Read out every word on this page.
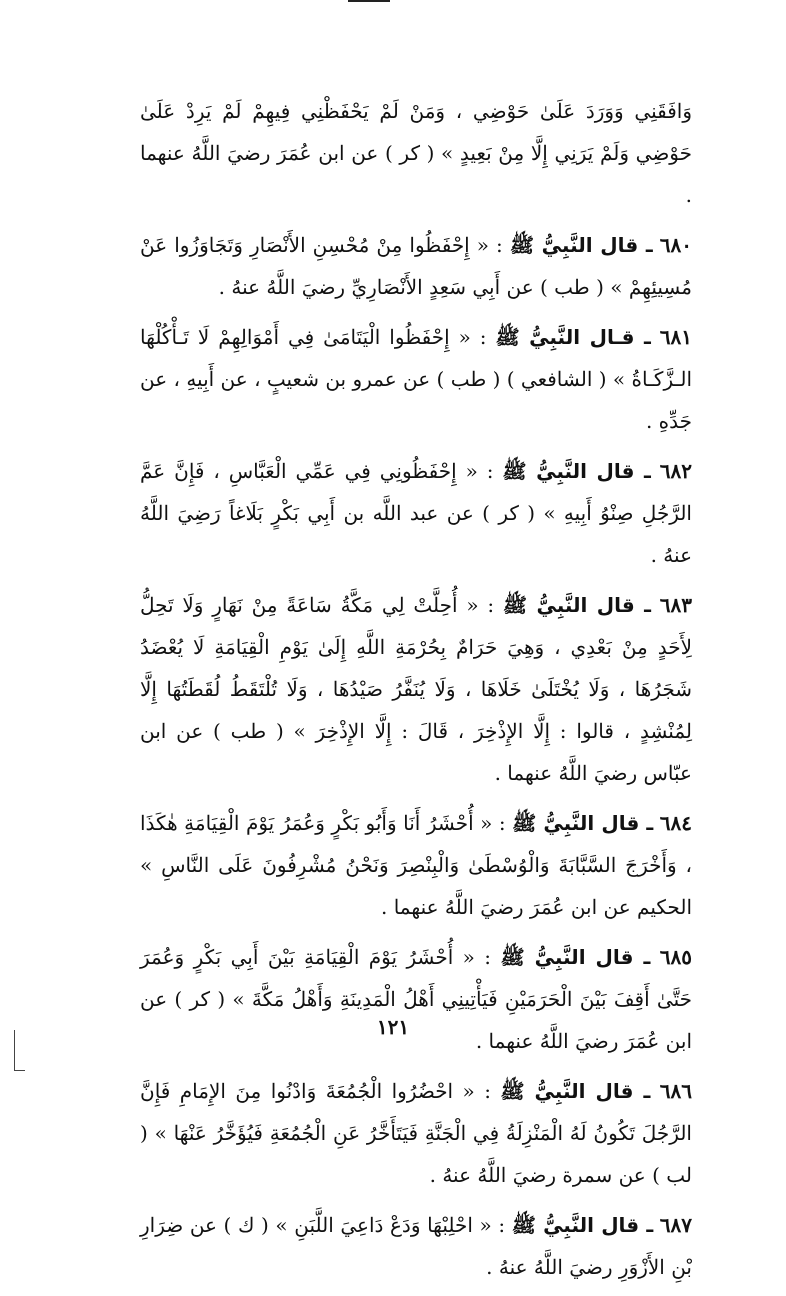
وَافَقَنِي وَوَرَدَ عَلَىٰ حَوْضِي ، وَمَنْ لَمْ يَحْفَظْنِي فِيهِمْ لَمْ يَرِدْ عَلَىٰ حَوْضِي وَلَمْ يَرَنِي إِلَّا مِنْ بَعِيدٍ » ( كر ) عن ابن عُمَرَ رضيَ اللَّهُ عنهما .

٦٨٠ ـ قال النَّبِيُّ ﷺ : « إِحْفَظُوا مِنْ مُحْسِنِ الأَنْصَارِ وَتَجَاوَزُوا عَنْ مُسِيئِهِمْ » ( طب ) عن أَبِي سَعِدٍ الأَنْصَارِيِّ رضيَ اللَّهُ عنهُ .

٦٨١ ـ قـال النَّبِيُّ ﷺ : « إِحْفَظُوا الْيَتَامَىٰ فِي أَمْوَالِهِمْ لَا تَـأْكُلْهَا الـزَّكَـاةُ » ( الشافعي ) ( طب ) عن عمرو بن شعيبٍ ، عن أَبِيهِ ، عن جَدِّهِ .

٦٨٢ ـ قال النَّبِيُّ ﷺ : « إِحْفَظُونِي فِي عَمِّي الْعَبَّاسِ ، فَإِنَّ عَمَّ الرَّجُلِ صِنْوُ أَبِيهِ » ( كر ) عن عبد اللَّه بن أَبِي بَكْرٍ بَلَاغاً رَضِيَ اللَّهُ عنهُ .

٦٨٣ ـ قال النَّبِيُّ ﷺ : « أُحِلَّتْ لِي مَكَّةُ سَاعَةً مِنْ نَهَارٍ وَلَا تَحِلُّ لِأَحَدٍ مِنْ بَعْدِي ، وَهِيَ حَرَامٌ بِحُرْمَةِ اللَّهِ إِلَىٰ يَوْمِ الْقِيَامَةِ لَا يُعْضَدُ شَجَرُهَا ، وَلَا يُخْتَلَىٰ خَلَاهَا ، وَلَا يُنَفَّرُ صَيْدُهَا ، وَلَا تُلْتَقَطُ لُقَطَتُهَا إِلَّا لِمُنْشِدٍ ، قالوا : إِلَّا الإِذْخِرَ ، قَالَ : إِلَّا الإِذْخِرَ » ( طب ) عن ابن عبّاس رضيَ اللَّهُ عنهما .

٦٨٤ ـ قال النَّبِيُّ ﷺ : « أُحْشَرُ أَنَا وَأَبُو بَكْرٍ وَعُمَرُ يَوْمَ الْقِيَامَةِ هٰكَذَا ، وَأَخْرَجَ السَّبَّابَةَ وَالْوُسْطَىٰ وَالْبِنْصِرَ وَنَحْنُ مُشْرِفُونَ عَلَى النَّاسِ » الحكيم عن ابن عُمَرَ رضيَ اللَّهُ عنهما .

٦٨٥ ـ قال النَّبِيُّ ﷺ : « أُحْشَرُ يَوْمَ الْقِيَامَةِ بَيْنَ أَبِي بَكْرٍ وَعُمَرَ حَتَّىٰ أَقِفَ بَيْنَ الْحَرَمَيْنِ فَيَأْتِينِي أَهْلُ الْمَدِينَةِ وَأَهْلُ مَكَّةَ » ( كر ) عن ابن عُمَرَ رضيَ اللَّهُ عنهما .

٦٨٦ ـ قال النَّبِيُّ ﷺ : « احْضُرُوا الْجُمُعَةَ وَادْنُوا مِنَ الإِمَامِ فَإِنَّ الرَّجُلَ تَكُونُ لَهُ الْمَنْزِلَةُ فِي الْجَنَّةِ فَيَتَأَخَّرُ عَنِ الْجُمُعَةِ فَيُؤَخَّرُ عَنْهَا » ( لب ) عن سمرة رضيَ اللَّهُ عنهُ .

٦٨٧ ـ قال النَّبِيُّ ﷺ : « احْلِبْهَا وَدَعْ دَاعِيَ اللَّبَنِ » ( ك ) عن ضِرَارِ بْنِ الأَزْوَرِ رضيَ اللَّهُ عنهُ .

١٢١
